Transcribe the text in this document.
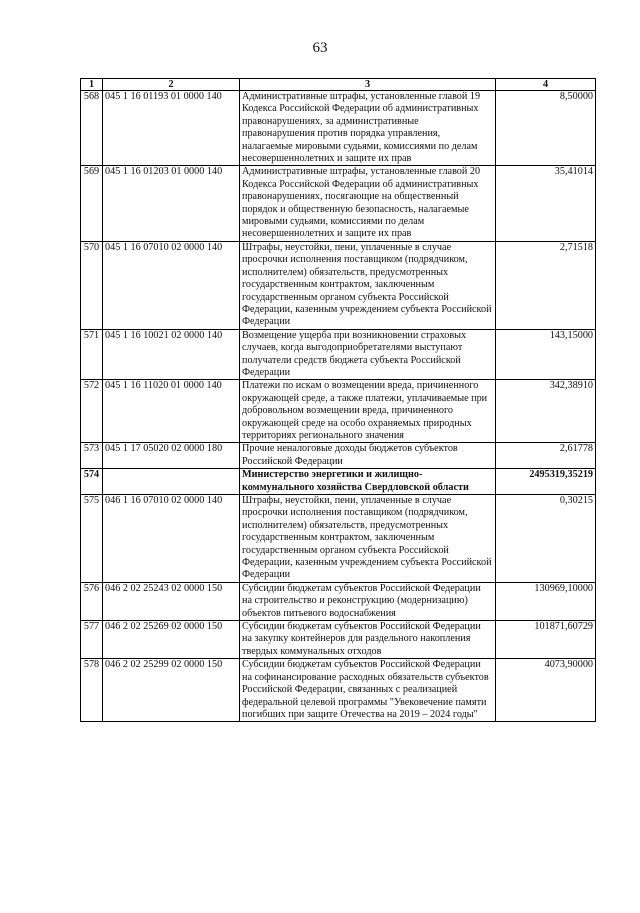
63
1	2	3	4
568	045 1 16 01193 01 0000 140	Административные штрафы, установленные главой 19 Кодекса Российской Федерации об административных правонарушениях, за административные правонарушения против порядка управления, налагаемые мировыми судьями, комиссиями по делам несовершеннолетних и защите их прав	8,50000
569	045 1 16 01203 01 0000 140	Административные штрафы, установленные главой 20 Кодекса Российской Федерации об административных правонарушениях, посягающие на общественный порядок и общественную безопасность, налагаемые мировыми судьями, комиссиями по делам несовершеннолетних и защите их прав	35,41014
570	045 1 16 07010 02 0000 140	Штрафы, неустойки, пени, уплаченные в случае просрочки исполнения поставщиком (подрядчиком, исполнителем) обязательств, предусмотренных государственным контрактом, заключенным государственным органом субъекта Российской Федерации, казенным учреждением субъекта Российской Федерации	2,71518
571	045 1 16 10021 02 0000 140	Возмещение ущерба при возникновении страховых случаев, когда выгодоприобретателями выступают получатели средств бюджета субъекта Российской Федерации	143,15000
572	045 1 16 11020 01 0000 140	Платежи по искам о возмещении вреда, причиненного окружающей среде, а также платежи, уплачиваемые при добровольном возмещении вреда, причиненного окружающей среде на особо охраняемых природных территориях регионального значения	342,38910
573	045 1 17 05020 02 0000 180	Прочие неналоговые доходы бюджетов субъектов Российской Федерации	2,61778
574		Министерство энергетики и жилищно-коммунального хозяйства Свердловской области	2495319,35219
575	046 1 16 07010 02 0000 140	Штрафы, неустойки, пени, уплаченные в случае просрочки исполнения поставщиком (подрядчиком, исполнителем) обязательств, предусмотренных государственным контрактом, заключенным государственным органом субъекта Российской Федерации, казенным учреждением субъекта Российской Федерации	0,30215
576	046 2 02 25243 02 0000 150	Субсидии бюджетам субъектов Российской Федерации на строительство и реконструкцию (модернизацию) объектов питьевого водоснабжения	130969,10000
577	046 2 02 25269 02 0000 150	Субсидии бюджетам субъектов Российской Федерации на закупку контейнеров для раздельного накопления твердых коммунальных отходов	101871,60729
578	046 2 02 25299 02 0000 150	Субсидии бюджетам субъектов Российской Федерации на софинансирование расходных обязательств субъектов Российской Федерации, связанных с реализацией федеральной целевой программы "Увековечение памяти погибших при защите Отечества на 2019 – 2024 годы"	4073,90000
